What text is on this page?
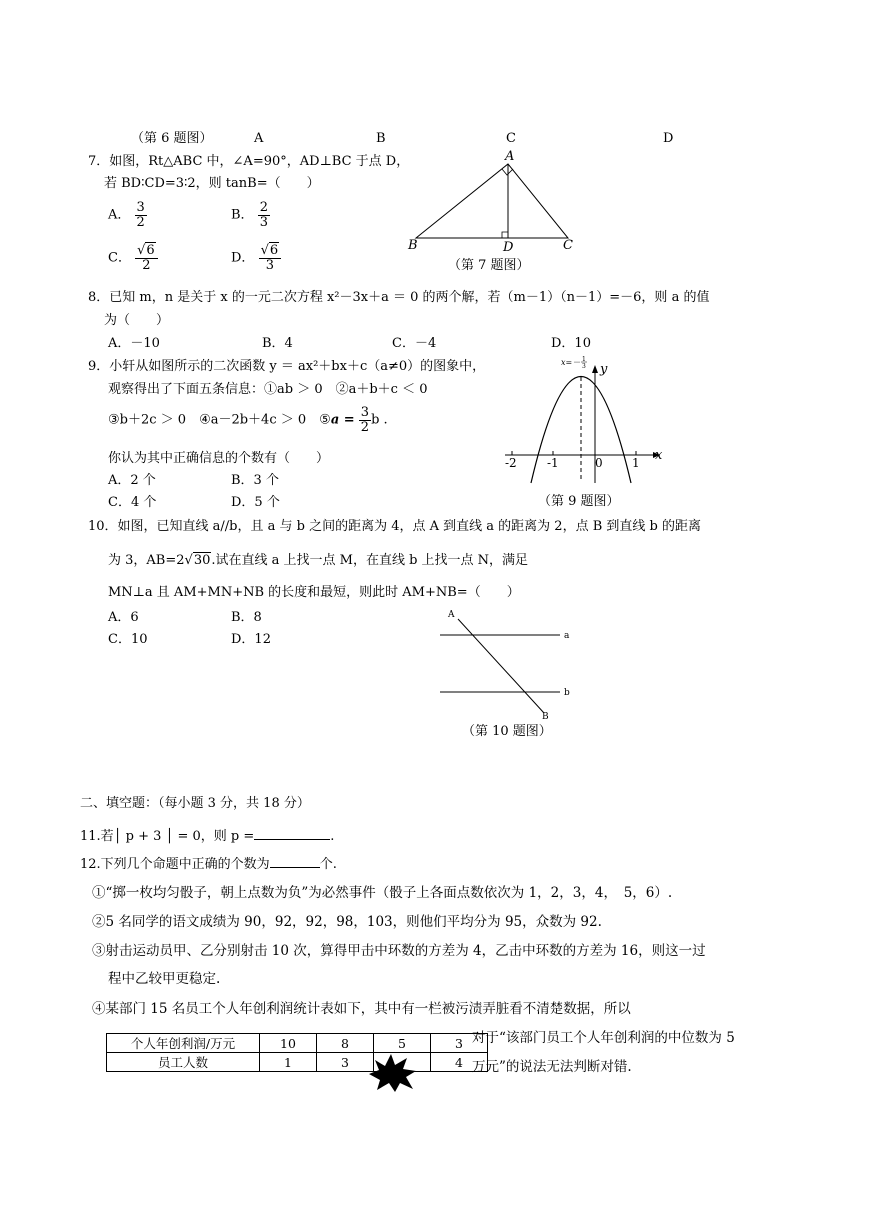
（第 6 题图）	A	B	C	D
7．如图，Rt△ABC 中，∠A=90°，AD⊥BC 于点 D，
若 BD∶CD=3∶2，则 tanB=（　　）
A． $\frac{3}{2}$	B． $\frac{2}{3}$
C． $\frac{√6}{2}$	D． $\frac{√6}{3}$
A
B	D	C
（第 7 题图）
8．已知 m，n 是关于 x 的一元二次方程 x²－3x＋a ＝ 0 的两个解，若（m－1）（n－1）=－6，则 a 的值
为（　　）
A．－10	B．4	C．－4	D．10
9．小轩从如图所示的二次函数 y ＝ ax²＋bx＋c（a≠0）的图象中，
观察得出了下面五条信息：①ab ＞ 0　②a＋b＋c ＜ 0
③b＋2c ＞ 0　④a－2b＋4c ＞ 0　⑤a = $\frac{3}{2}$ b .
你认为其中正确信息的个数有（　　）
A．2 个	B．3 个
C．4 个	D．5 个
x=－ 1
3 y
x
-2	-1	0 1
（第 9 题图）
10．如图，已知直线 a//b，且 a 与 b 之间的距离为 4，点 A 到直线 a 的距离为 2，点 B 到直线 b 的距离
为 3，AB=2√30.试在直线 a 上找一点 M，在直线 b 上找一点 N，满足
MN⊥a 且 AM+MN+NB 的长度和最短，则此时 AM+NB=（　　）
A．6	B．8
C．10	D．12
A
B
a
b
（第 10 题图）
二、填空题：（每小题 3 分，共 18 分）
11.若│ p + 3 │ = 0，则 p =	.
12.下列几个命题中正确的个数为	个.
①“掷一枚均匀骰子，朝上点数为负”为必然事件（骰子上各面点数依次为 1，2，3，4，　5，6）.
②5 名同学的语文成绩为 90，92，92，98，103，则他们平均分为 95，众数为 92.
③射击运动员甲、乙分别射击 10 次，算得甲击中环数的方差为 4，乙击中环数的方差为 16，则这一过
程中乙较甲更稳定.
④某部门 15 名员工个人年创利润统计表如下，其中有一栏被污渍弄脏看不清楚数据，所以
个人年创利润/万元	10	8	5	3
员工人数	1	3		4
对于“该部门员工个人年创利润的中位数为 5
万元”的说法无法判断对错.
